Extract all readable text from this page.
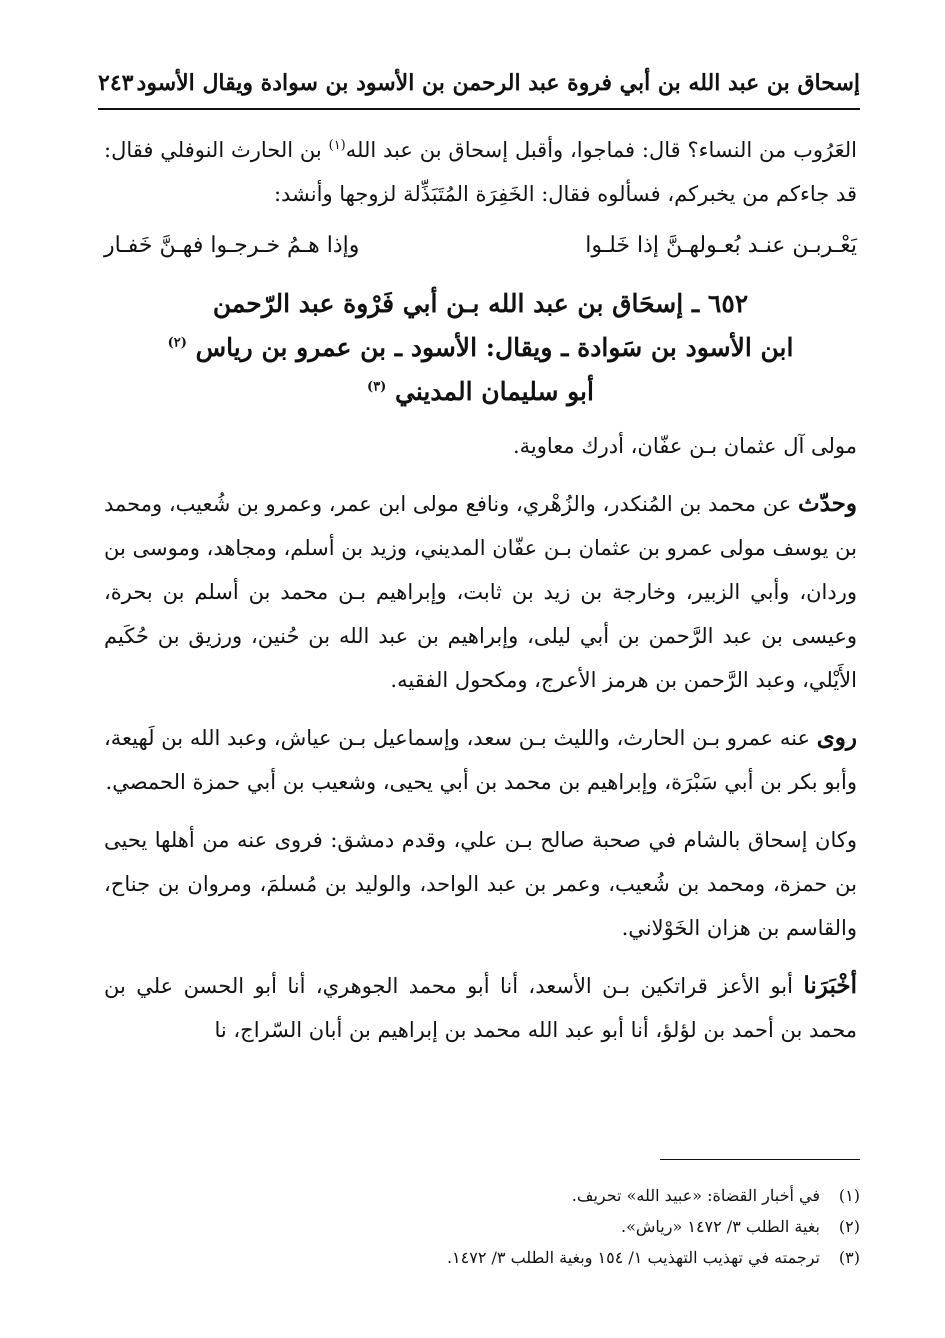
إسحاق بن عبد الله بن أبي فروة عبد الرحمن بن الأسود بن سوادة ويقال الأسود
٢٤٣

العَرُوب من النساء؟ قال: فماجوا، وأقبل إسحاق بن عبد الله$^{(١)}$ بن الحارث النوفلي فقال: قد جاءكم من يخبركم، فسألوه فقال: الخَفِرَة المُتَبَذِّلة لزوجها وأنشد:

يَعْـربـن عنـد بُعـولهـنَّ إذا خَلـوا
وإذا هـمُ خـرجـوا فهـنَّ خَفـار
٦٥٢ ـ إسحَاق بن عبد الله بـن أبي فَرْوة عبد الرّحمن
ابن الأسود بن سَوادة ـ ويقال: الأسود ـ بن عمرو بن رياس $^{(٢)}$
أبو سليمان المديني $^{(٣)}$

مولى آل عثمان بـن عفّان، أدرك معاوية.

وحدّث عن محمد بن المُنكدر، والزُهْري، ونافع مولى ابن عمر، وعمرو بن شُعيب، ومحمد بن يوسف مولى عمرو بن عثمان بـن عفّان المديني، وزيد بن أسلم، ومجاهد، وموسى بن وردان، وأبي الزبير، وخارجة بن زيد بن ثابت، وإبراهيم بـن محمد بن أسلم بن بحرة، وعيسى بن عبد الرَّحمن بن أبي ليلى، وإبراهيم بن عبد الله بن حُنين، ورزيق بن حُكَيم الأَيْلي، وعبد الرَّحمن بن هرمز الأعرج، ومكحول الفقيه.

روى عنه عمرو بـن الحارث، والليث بـن سعد، وإسماعيل بـن عياش، وعبد الله بن لَهيعة، وأبو بكر بن أبي سَبْرَة، وإبراهيم بن محمد بن أبي يحيى، وشعيب بن أبي حمزة الحمصي.

وكان إسحاق بالشام في صحبة صالح بـن علي، وقدم دمشق: فروى عنه من أهلها يحيى بن حمزة، ومحمد بن شُعيب، وعمر بن عبد الواحد، والوليد بن مُسلمَ، ومروان بن جناح، والقاسم بن هزان الخَوْلاني.

أخْبَرَنا أبو الأعز قراتكين بـن الأسعد، أنا أبو محمد الجوهري، أنا أبو الحسن علي بن محمد بن أحمد بن لؤلؤ، أنا أبو عبد الله محمد بن إبراهيم بن أبان السّراج، نا

(١)في أخبار القضاة: «عبيد الله» تحريف.
(٢)بغية الطلب ٣/ ١٤٧٢ «رياش».
(٣)ترجمته في تهذيب التهذيب ١/ ١٥٤ وبغية الطلب ٣/ ١٤٧٢.
